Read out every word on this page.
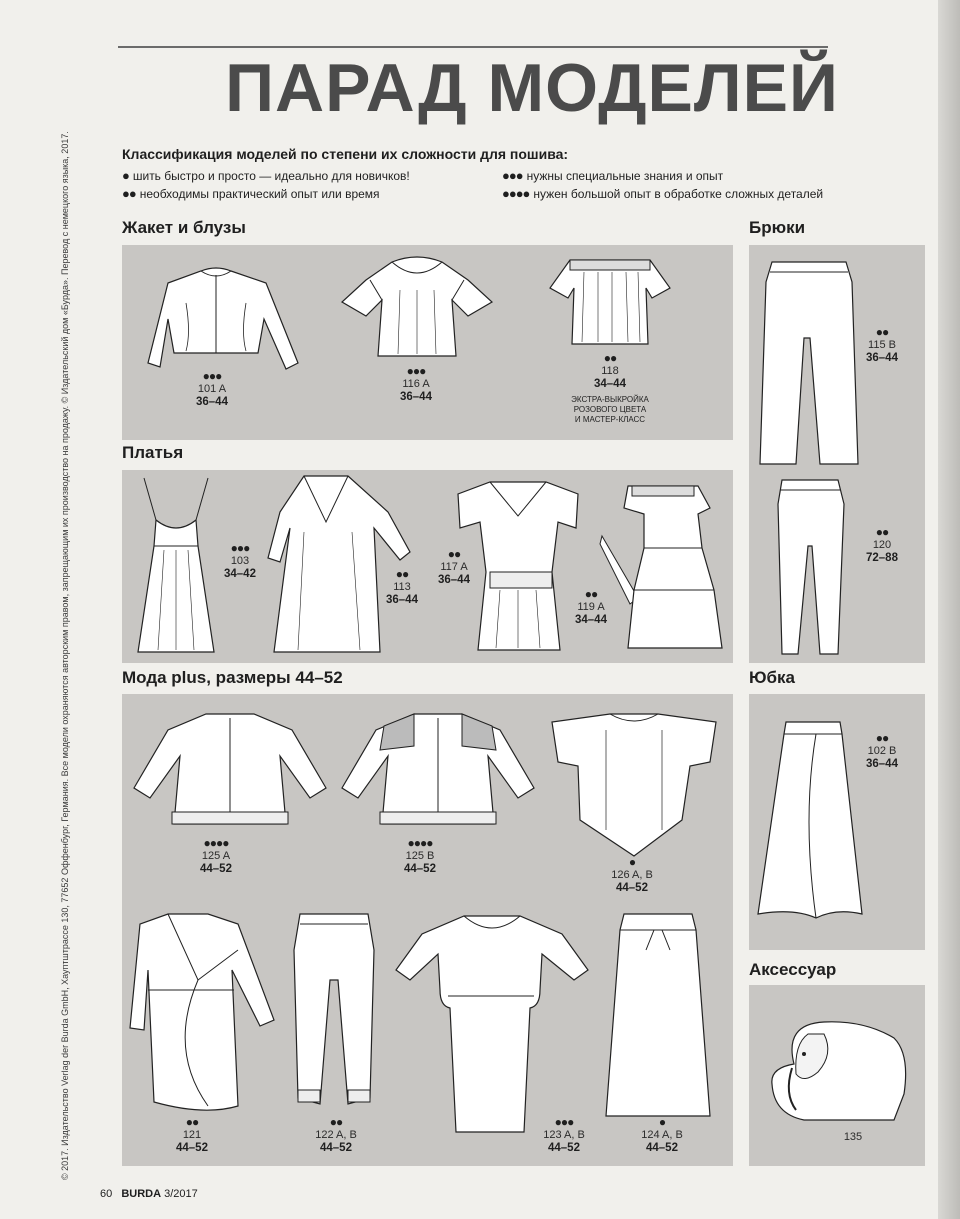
ПАРАД МОДЕЛЕЙ
Классификация моделей по степени их сложности для пошива:
● шить быстро и просто — идеально для новичков!
●● необходимы практический опыт или время
●●● нужны специальные знания и опыт
●●●● нужен большой опыт в обработке сложных деталей
Жакет и блузы
Платья
Мода plus, размеры 44–52
Брюки
Юбка
Аксессуар
●●●
101 A
36–44
●●●
116 A
36–44
●●
118
34–44
ЭКСТРА-ВЫКРОЙКА
РОЗОВОГО ЦВЕТА
И МАСТЕР-КЛАСС
●●●
103
34–42	●●
113
36–44
●●
117 A
36–44
●●
119 A
34–44
●●●●
125 A
44–52
●●●●
125 B
44–52	●
126 A, B
44–52
●●
121
44–52
●●
122 A, B
44–52
●●●
123 A, B
44–52
●
124 A, B
44–52
●●
115 B
36–44
●●
120
72–88
●●
102 B
36–44
135
© 2017. Издательство Verlag der Burda GmbH, Хауптштрассе 130, 77652 Оффенбург, Германия. Все модели охраняются авторским правом, запрещающим их производство на продажу. © Издательский дом «Бурда». Перевод с немецкого языка, 2017.
60 BURDA 3/2017
